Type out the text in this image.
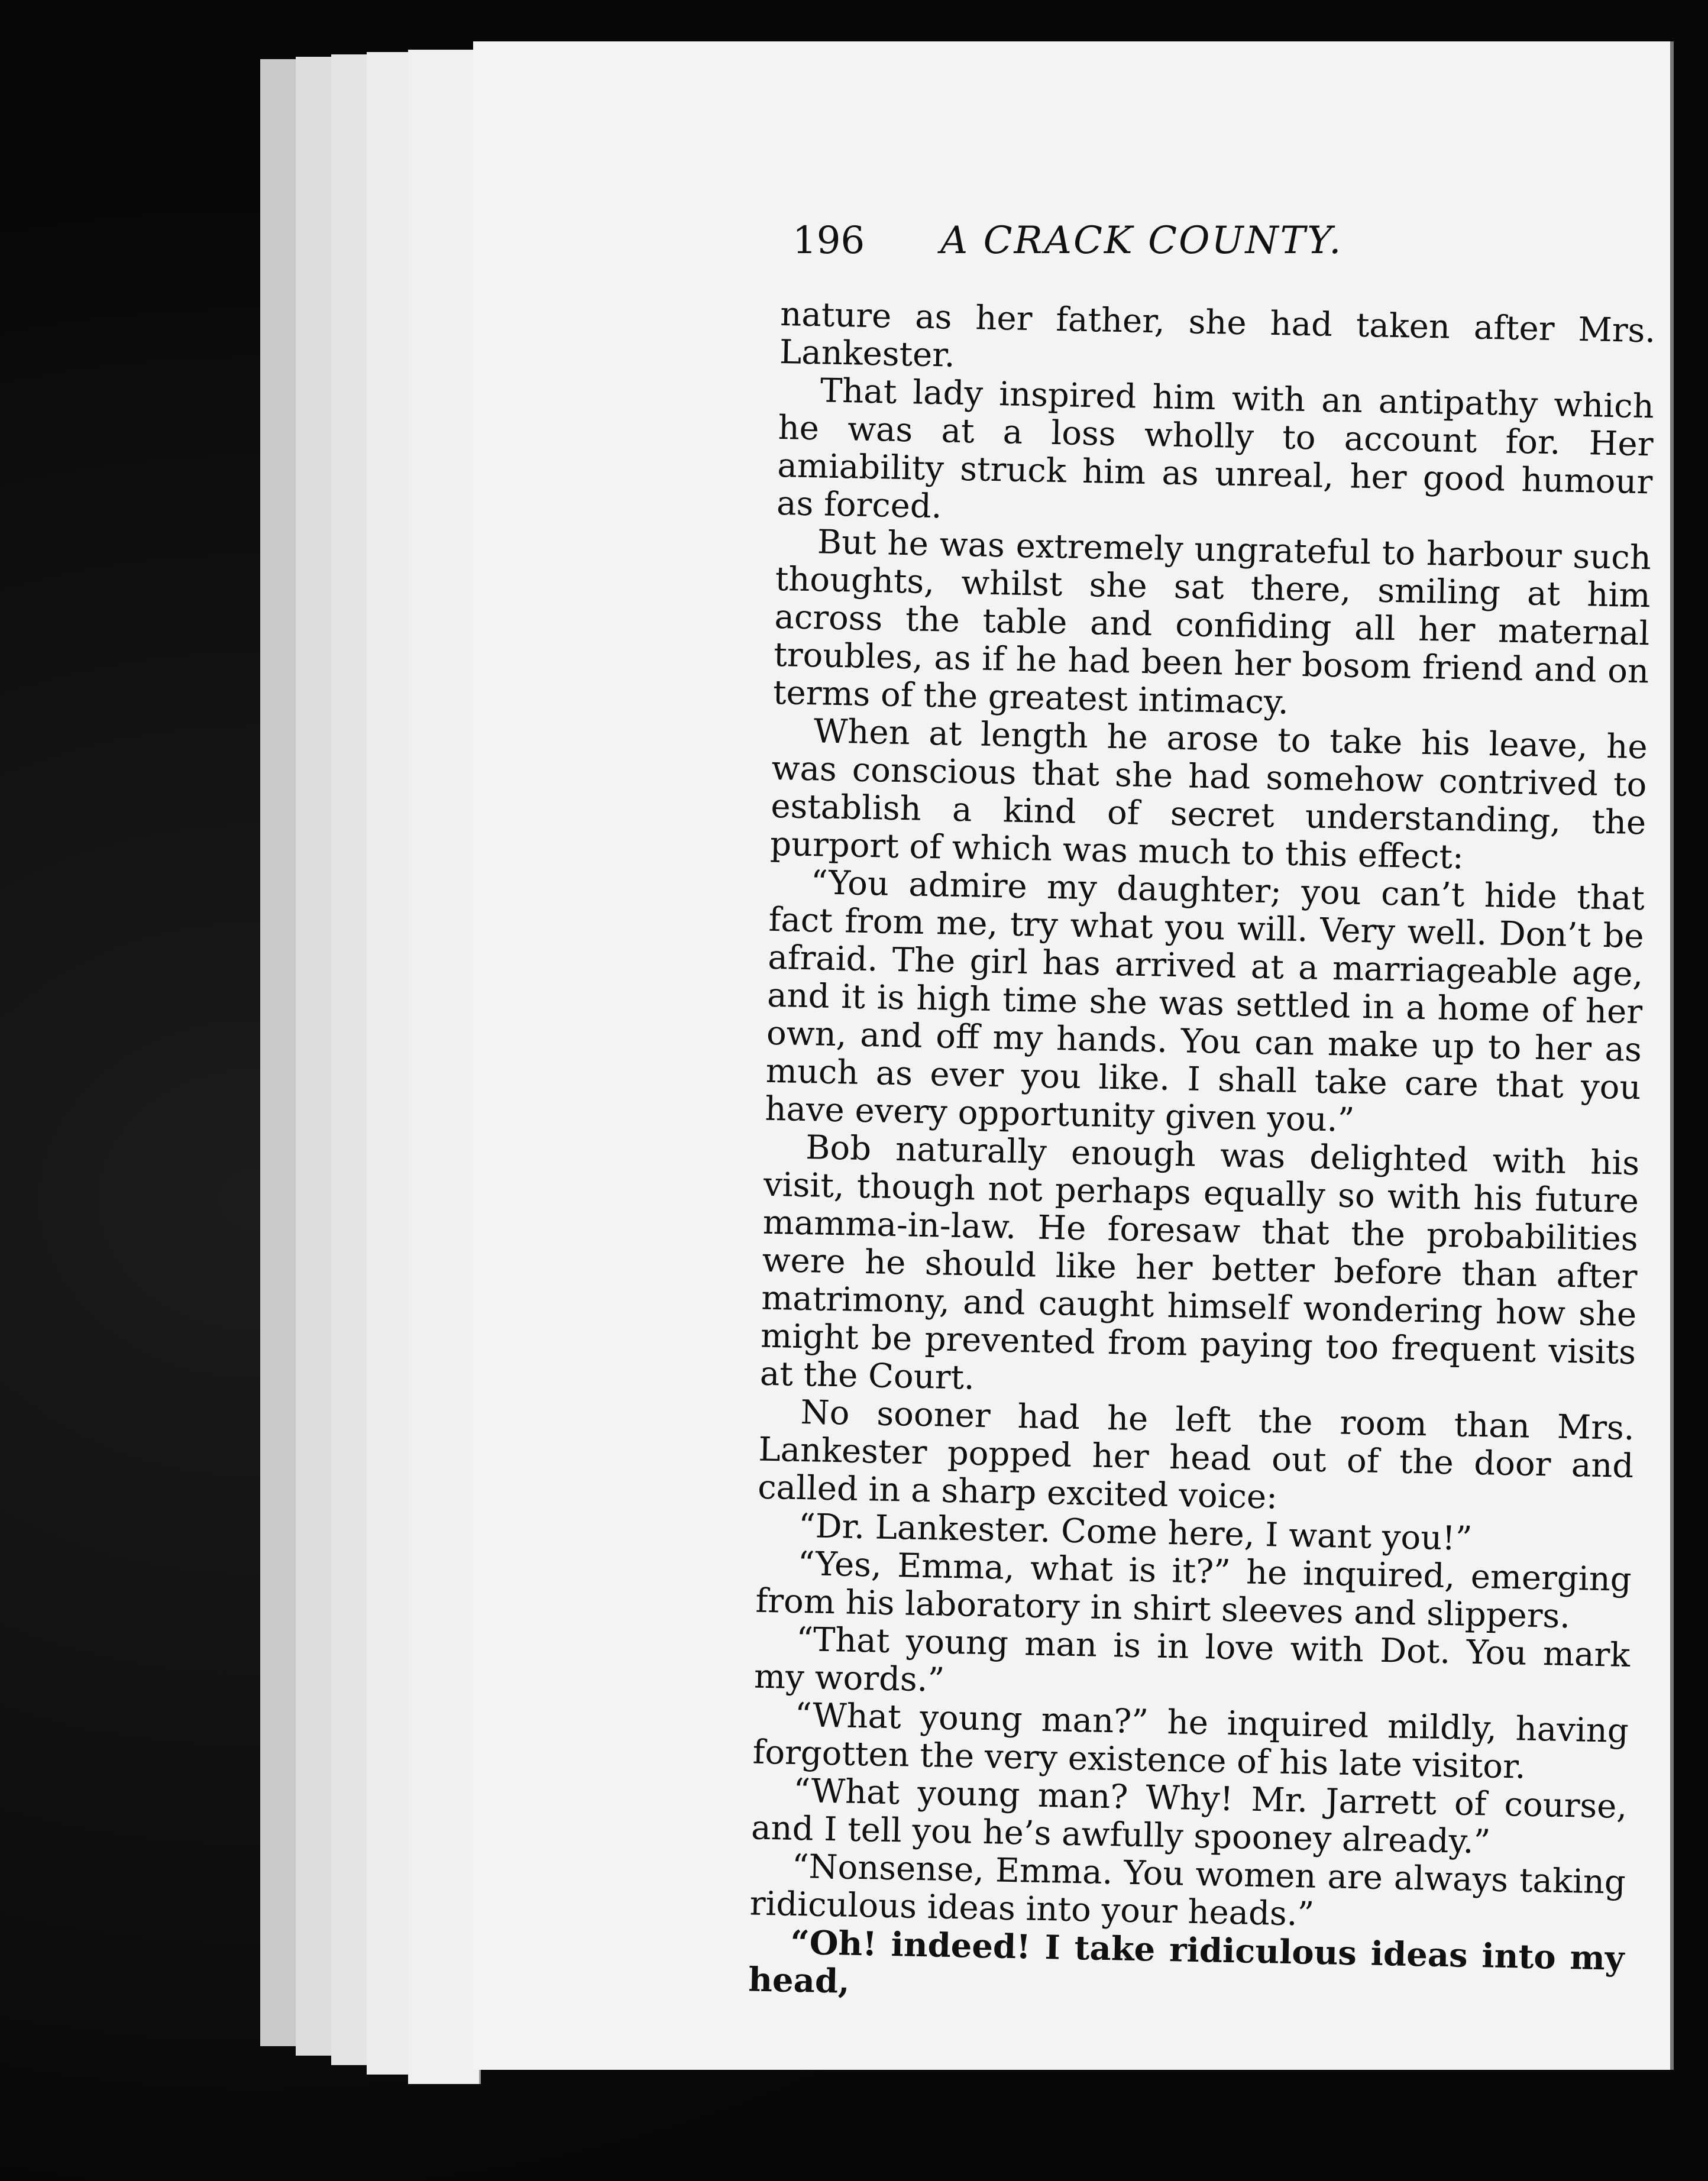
196 A CRACK COUNTY.

nature as her father, she had taken after Mrs. Lankester.

That lady inspired him with an antipathy which he was at a loss wholly to account for. Her amiability struck him as unreal, her good humour as forced.

But he was extremely ungrateful to harbour such thoughts, whilst she sat there, smiling at him across the table and confiding all her maternal troubles, as if he had been her bosom friend and on terms of the greatest intimacy.

When at length he arose to take his leave, he was conscious that she had somehow contrived to establish a kind of secret understanding, the purport of which was much to this effect:

“You admire my daughter; you can’t hide that fact from me, try what you will. Very well. Don’t be afraid. The girl has arrived at a marriageable age, and it is high time she was settled in a home of her own, and off my hands. You can make up to her as much as ever you like. I shall take care that you have every opportunity given you.”

Bob naturally enough was delighted with his visit, though not perhaps equally so with his future mamma-in-law. He foresaw that the probabilities were he should like her better before than after matrimony, and caught himself wondering how she might be prevented from paying too frequent visits at the Court.

No sooner had he left the room than Mrs. Lankester popped her head out of the door and called in a sharp excited voice:

“Dr. Lankester. Come here, I want you!”

“Yes, Emma, what is it?” he inquired, emerging from his laboratory in shirt sleeves and slippers.

“That young man is in love with Dot. You mark my words.”

“What young man?” he inquired mildly, having forgotten the very existence of his late visitor.

“What young man? Why! Mr. Jarrett of course, and I tell you he’s awfully spooney already.”

“Nonsense, Emma. You women are always taking ridiculous ideas into your heads.”

“Oh! indeed! I take ridiculous ideas into my head,
